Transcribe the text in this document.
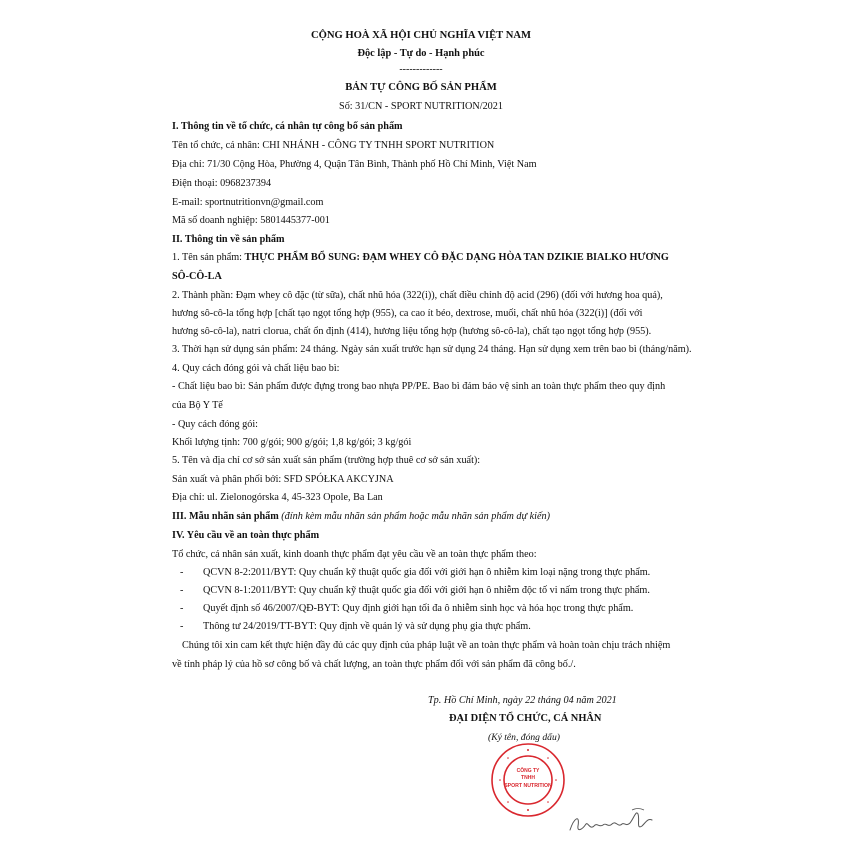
CỘNG HOÀ XÃ HỘI CHỦ NGHĨA VIỆT NAM
Độc lập - Tự do - Hạnh phúc
-------------
BẢN TỰ CÔNG BỐ SẢN PHẨM
Số: 31/CN - SPORT NUTRITION/2021
I. Thông tin về tổ chức, cá nhân tự công bố sản phẩm
Tên tổ chức, cá nhân: CHI NHÁNH - CÔNG TY TNHH SPORT NUTRITION
Địa chỉ: 71/30 Cộng Hòa, Phường 4, Quận Tân Bình, Thành phố Hồ Chí Minh, Việt Nam
Điện thoại: 0968237394
E-mail: sportnutritionvn@gmail.com
Mã số doanh nghiệp: 5801445377-001
II. Thông tin về sản phẩm
1. Tên sản phẩm: THỰC PHẨM BỔ SUNG: ĐẠM WHEY CÔ ĐẶC DẠNG HÒA TAN DZIKIE BIALKO HƯƠNG
SÔ-CÔ-LA
2. Thành phần: Đạm whey cô đặc (từ sữa), chất nhũ hóa (322(i)), chất điều chỉnh độ acid (296) (đối với hương hoa quả),
hương sô-cô-la tổng hợp [chất tạo ngọt tổng hợp (955), ca cao ít béo, dextrose, muối, chất nhũ hóa (322(i)] (đối với
hương sô-cô-la), natri clorua, chất ổn định (414), hương liệu tổng hợp (hương sô-cô-la), chất tạo ngọt tổng hợp (955).
3. Thời hạn sử dụng sản phẩm: 24 tháng. Ngày sản xuất trước hạn sử dụng 24 tháng. Hạn sử dụng xem trên bao bì (tháng/năm).
4. Quy cách đóng gói và chất liệu bao bì:
- Chất liệu bao bì: Sản phẩm được đựng trong bao nhựa PP/PE. Bao bì đảm bảo vệ sinh an toàn thực phẩm theo quy định
của Bộ Y Tế
- Quy cách đóng gói:
Khối lượng tịnh: 700 g/gói; 900 g/gói; 1,8 kg/gói; 3 kg/gói
5. Tên và địa chỉ cơ sở sản xuất sản phẩm (trường hợp thuê cơ sở sản xuất):
Sản xuất và phân phối bởi: SFD SPÓŁKA AKCYJNA
Địa chỉ: ul. Zielonogórska 4, 45-323 Opole, Ba Lan
III. Mẫu nhãn sản phẩm (đính kèm mẫu nhãn sản phẩm hoặc mẫu nhãn sản phẩm dự kiến)
IV. Yêu cầu về an toàn thực phẩm
Tổ chức, cá nhân sản xuất, kinh doanh thực phẩm đạt yêu cầu về an toàn thực phẩm theo:
- QCVN 8-2:2011/BYT: Quy chuẩn kỹ thuật quốc gia đối với giới hạn ô nhiễm kim loại nặng trong thực phẩm.
- QCVN 8-1:2011/BYT: Quy chuẩn kỹ thuật quốc gia đối với giới hạn ô nhiễm độc tố vi nấm trong thực phẩm.
- Quyết định số 46/2007/QĐ-BYT: Quy định giới hạn tối đa ô nhiễm sinh học và hóa học trong thực phẩm.
- Thông tư 24/2019/TT-BYT: Quy định về quản lý và sử dụng phụ gia thực phẩm.
Chúng tôi xin cam kết thực hiện đầy đủ các quy định của pháp luật về an toàn thực phẩm và hoàn toàn chịu trách nhiệm
về tính pháp lý của hồ sơ công bố và chất lượng, an toàn thực phẩm đối với sản phẩm đã công bố./.
Tp. Hồ Chí Minh, ngày 22 tháng 04 năm 2021
ĐẠI DIỆN TỔ CHỨC, CÁ NHÂN
(Ký tên, đóng dấu)
CÔNG TY
TNHH
SPORT NUTRITION
